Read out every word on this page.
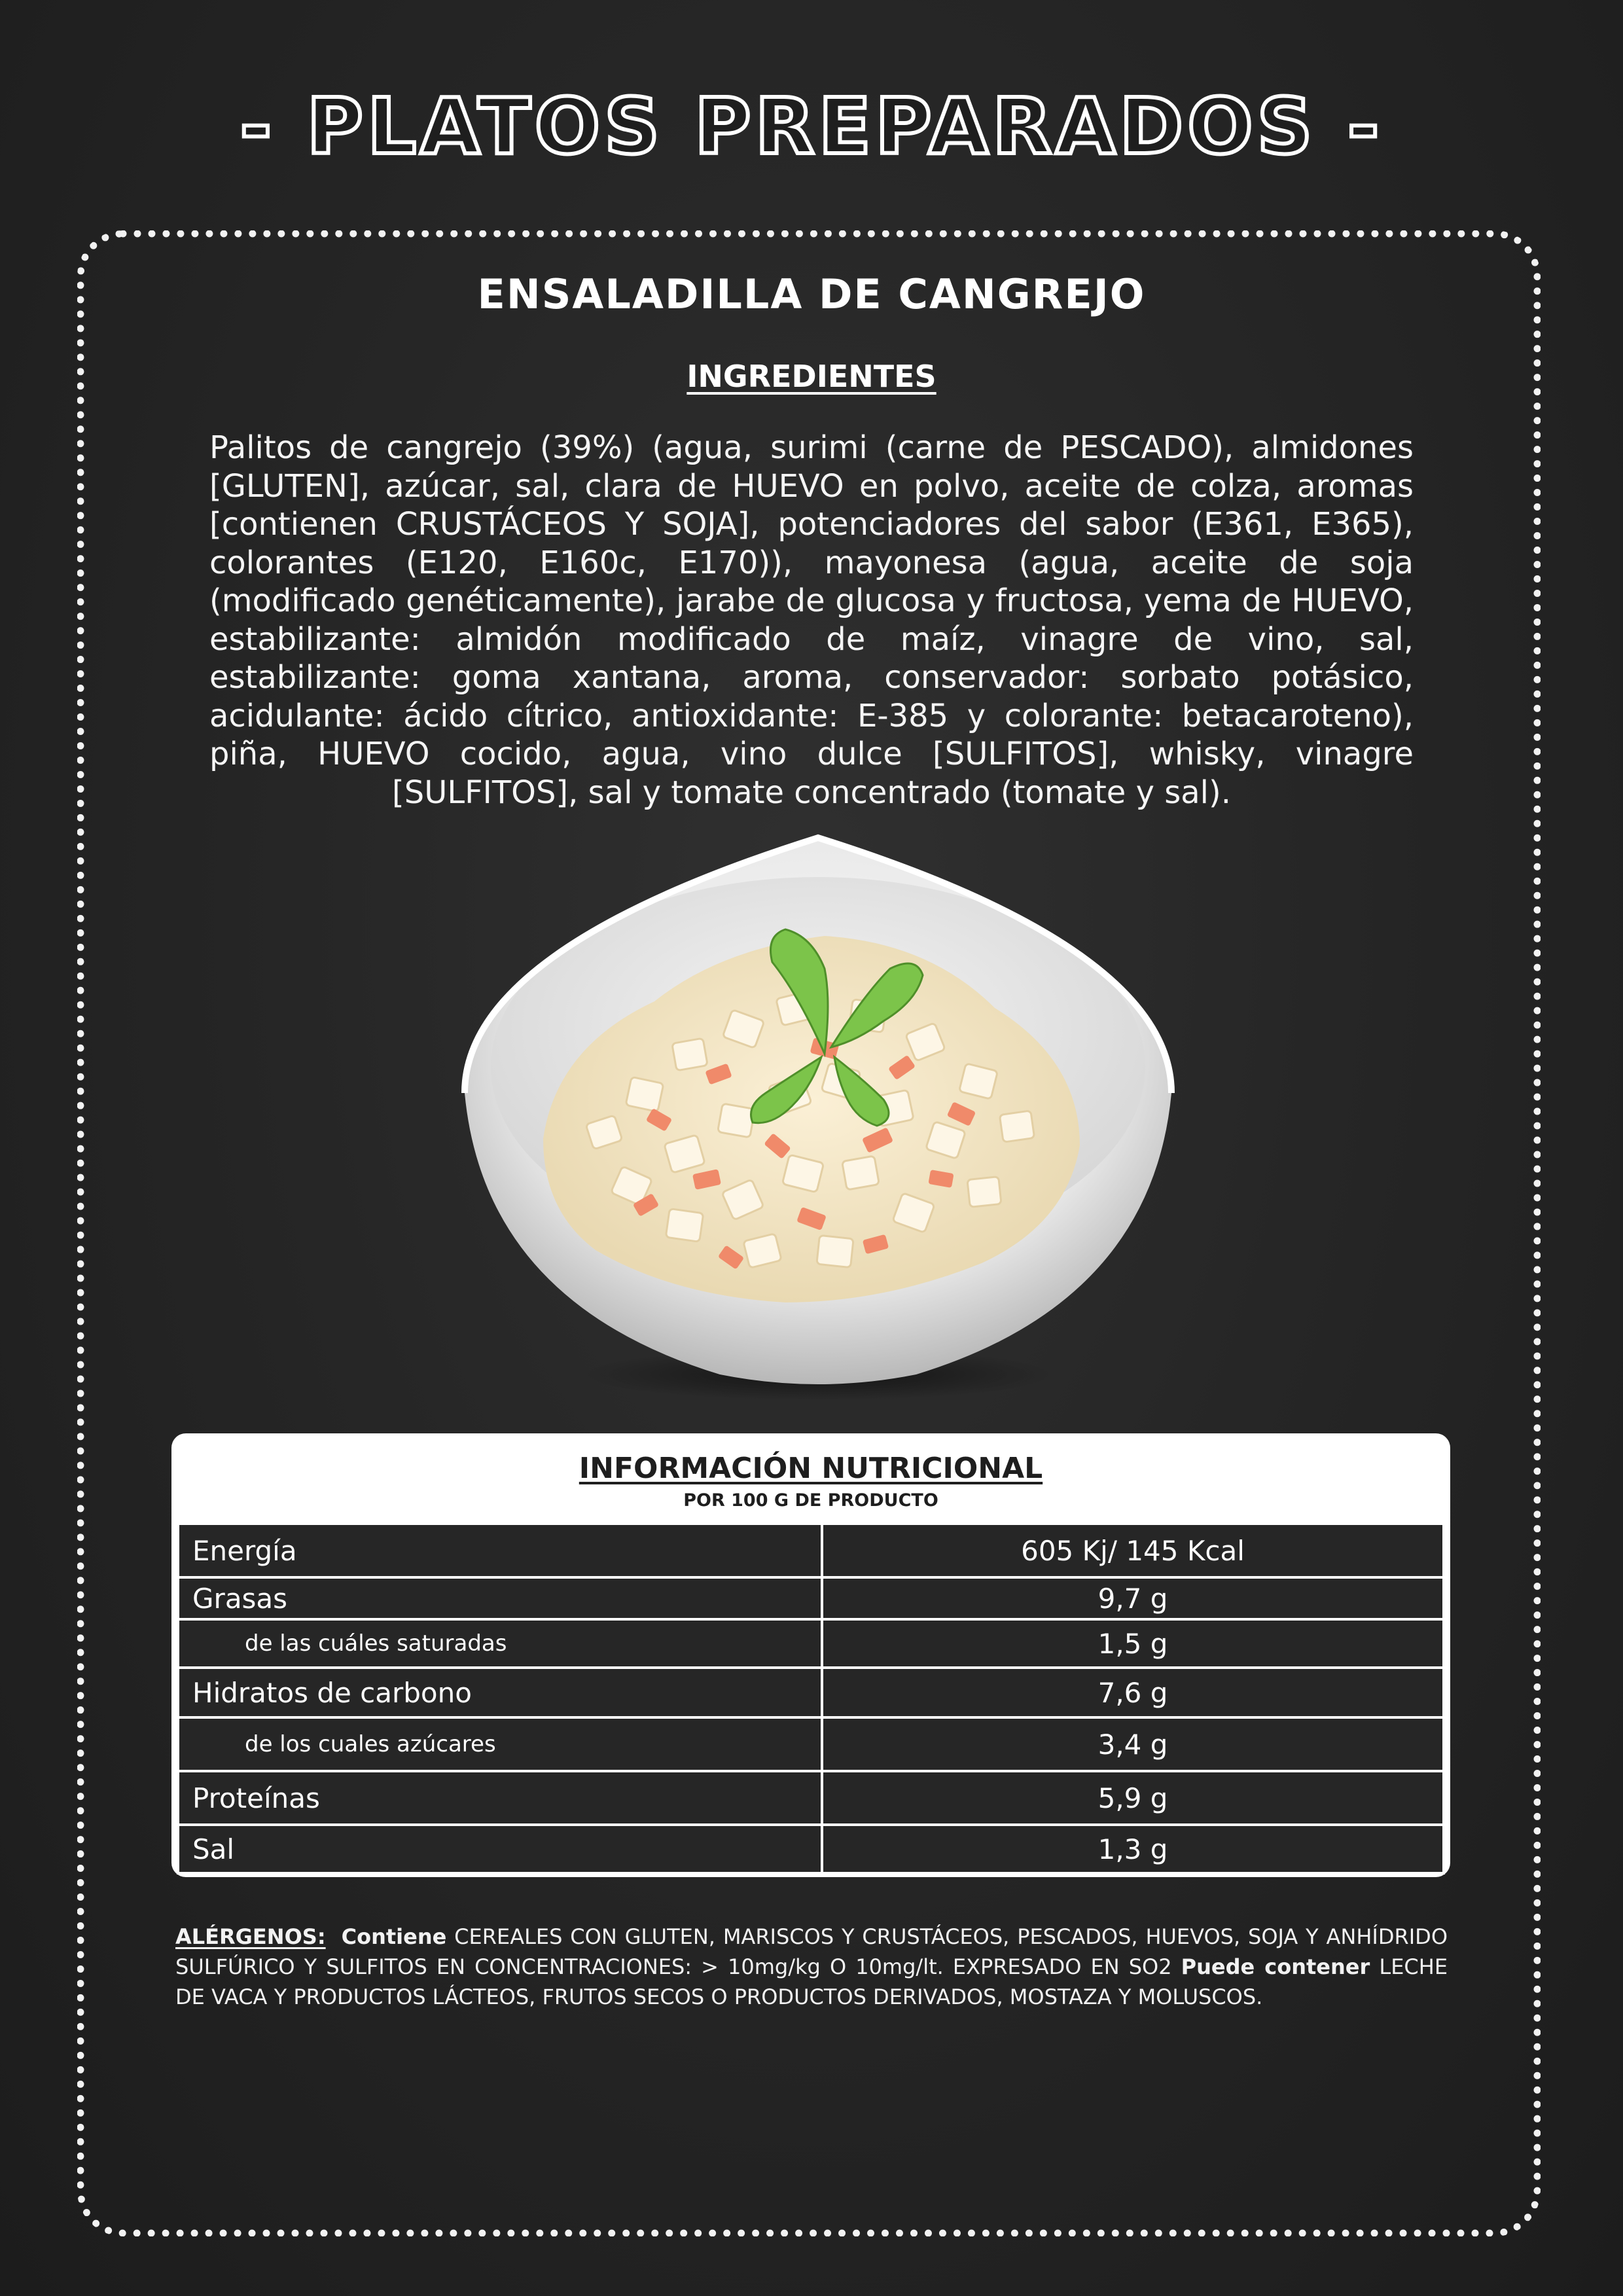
- PLATOS PREPARADOS -
ENSALADILLA DE CANGREJO
INGREDIENTES
Palitos de cangrejo (39%) (agua, surimi (carne de PESCADO), almidones [GLUTEN], azúcar, sal, clara de HUEVO en polvo, aceite de colza, aromas [contienen CRUSTÁCEOS Y SOJA], potenciadores del sabor (E361, E365), colorantes (E120, E160c, E170)), mayonesa (agua, aceite de soja (modificado genéticamente), jarabe de glucosa y fructosa, yema de HUEVO, estabilizante: almidón modificado de maíz, vinagre de vino, sal, estabilizante: goma xantana, aroma, conservador: sorbato potásico, acidulante: ácido cítrico, antioxidante: E-385 y colorante: betacaroteno), piña, HUEVO cocido, agua, vino dulce [SULFITOS], whisky, vinagre [SULFITOS], sal y tomate concentrado (tomate y sal).
INFORMACIÓN NUTRICIONAL
POR 100 G DE PRODUCTO
Energía	605 Kj/ 145 Kcal
Grasas	9,7 g
de las cuáles saturadas	1,5 g
Hidratos de carbono	7,6 g
de los cuales azúcares	3,4 g
Proteínas	5,9 g
Sal	1,3 g
ALÉRGENOS: Contiene CEREALES CON GLUTEN, MARISCOS Y CRUSTÁCEOS, PESCADOS, HUEVOS, SOJA Y ANHÍDRIDO SULFÚRICO Y SULFITOS EN CONCENTRACIONES: > 10mg/kg O 10mg/lt. EXPRESADO EN SO2 Puede contener LECHE DE VACA Y PRODUCTOS LÁCTEOS, FRUTOS SECOS O PRODUCTOS DERIVADOS, MOSTAZA Y MOLUSCOS.
